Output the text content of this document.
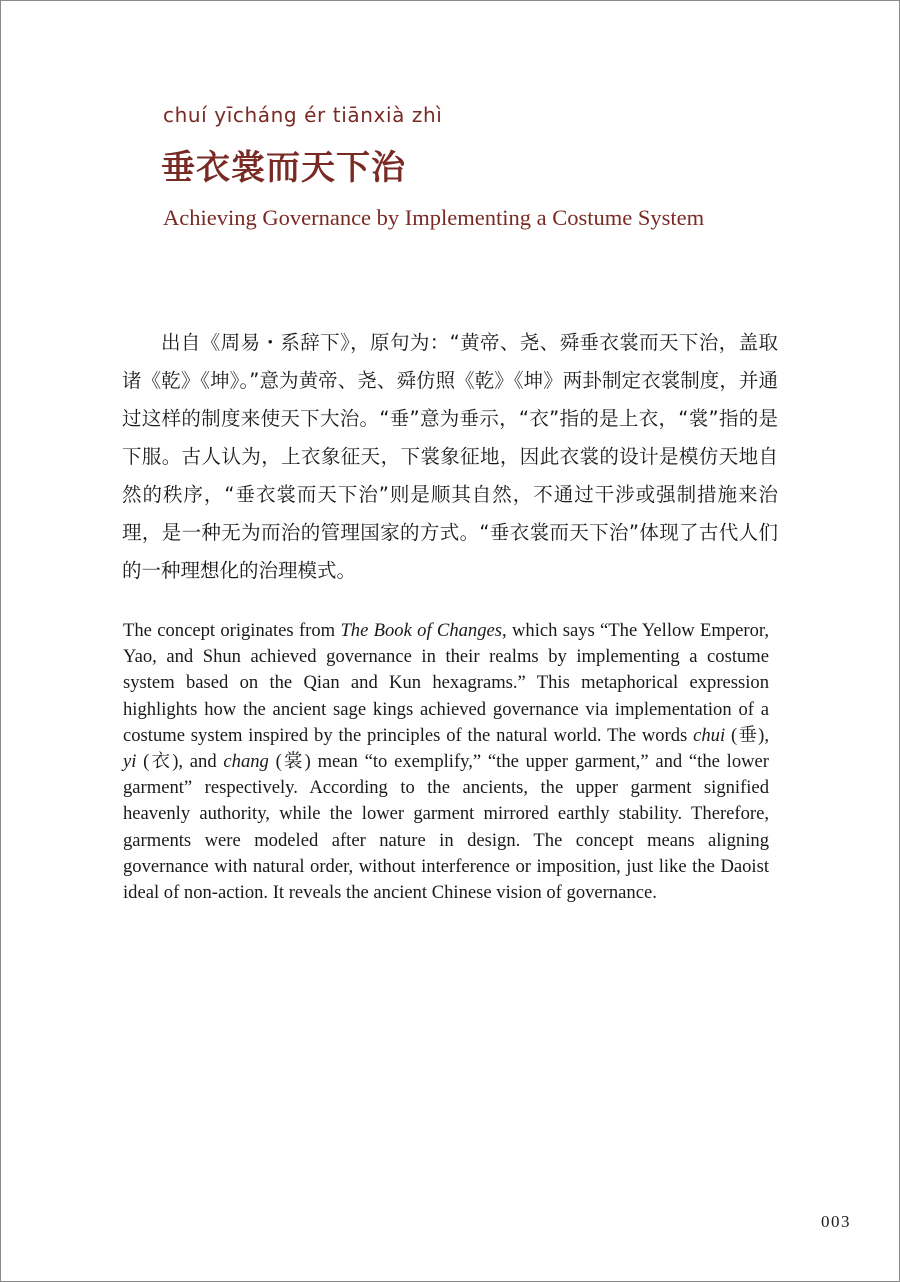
chuí yīcháng ér tiānxià zhì
垂衣裳而天下治
Achieving Governance by Implementing a Costume System

出自《周易・系辞下》，原句为：“黄帝、尧、舜垂衣裳而天下治，盖取诸《乾》《坤》。”意为黄帝、尧、舜仿照《乾》《坤》两卦制定衣裳制度，并通过这样的制度来使天下大治。“垂”意为垂示，“衣”指的是上衣，“裳”指的是下服。古人认为，上衣象征天，下裳象征地，因此衣裳的设计是模仿天地自然的秩序，“垂衣裳而天下治”则是顺其自然，不通过干涉或强制措施来治理，是一种无为而治的管理国家的方式。“垂衣裳而天下治”体现了古代人们的一种理想化的治理模式。

The concept originates from The Book of Changes, which says “The Yellow Emperor, Yao, and Shun achieved governance in their realms by implementing a costume system based on the Qian and Kun hexagrams.” This metaphorical expression highlights how the ancient sage kings achieved governance via implementation of a costume system inspired by the principles of the natural world. The words chui (垂), yi (衣), and chang (裳) mean “to exemplify,” “the upper garment,” and “the lower garment” respectively. According to the ancients, the upper garment signified heavenly authority, while the lower garment mirrored earthly stability. Therefore, garments were modeled after nature in design. The concept means aligning governance with natural order, without interference or imposition, just like the Daoist ideal of non-action. It reveals the ancient Chinese vision of governance.

003
